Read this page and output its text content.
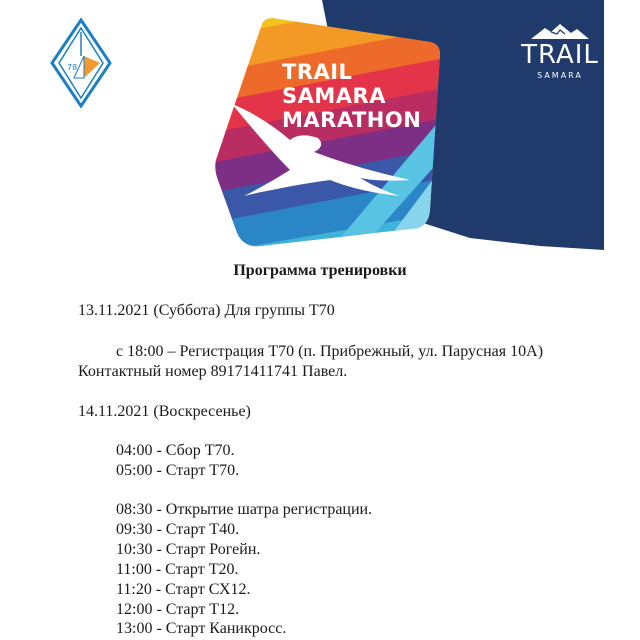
78	TRAIL
SAMARA
MARATHON
TRAIL
SAMARA
Программа тренировки
13.11.2021 (Суббота) Для группы Т70
с 18:00 – Регистрация Т70 (п. Прибрежный, ул. Парусная 10А)
Контактный номер 89171411741 Павел.
14.11.2021 (Воскресенье)
04:00 - Сбор Т70.
05:00 - Старт Т70.
08:30 - Открытие шатра регистрации.
09:30 - Старт Т40.
10:30 - Старт Рогейн.
11:00 - Старт Т20.
11:20 - Старт СХ12.
12:00 - Старт Т12.
13:00 - Старт Каникросс.
